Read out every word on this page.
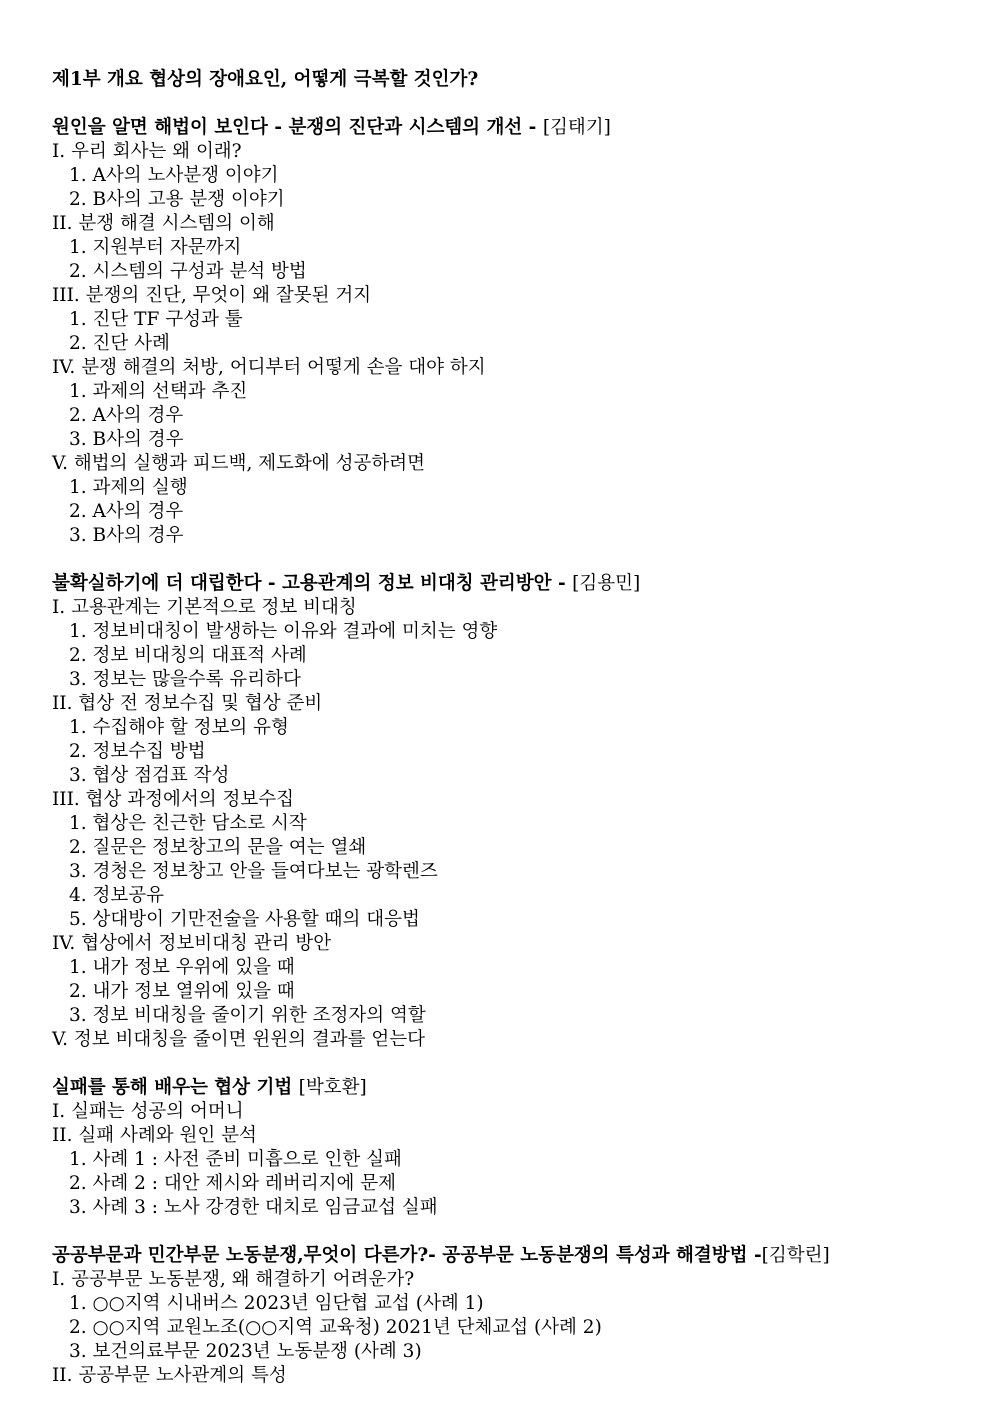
제1부 개요 협상의 장애요인, 어떻게 극복할 것인가?
원인을 알면 해법이 보인다 - 분쟁의 진단과 시스템의 개선 - [김태기]
I. 우리 회사는 왜 이래?
1. A사의 노사분쟁 이야기
2. B사의 고용 분쟁 이야기
II. 분쟁 해결 시스템의 이해
1. 지원부터 자문까지
2. 시스템의 구성과 분석 방법
III. 분쟁의 진단, 무엇이 왜 잘못된 거지
1. 진단 TF 구성과 툴
2. 진단 사례
IV. 분쟁 해결의 처방, 어디부터 어떻게 손을 대야 하지
1. 과제의 선택과 추진
2. A사의 경우
3. B사의 경우
V. 해법의 실행과 피드백, 제도화에 성공하려면
1. 과제의 실행
2. A사의 경우
3. B사의 경우
불확실하기에 더 대립한다 - 고용관계의 정보 비대칭 관리방안 - [김용민]
I. 고용관계는 기본적으로 정보 비대칭
1. 정보비대칭이 발생하는 이유와 결과에 미치는 영향
2. 정보 비대칭의 대표적 사례
3. 정보는 많을수록 유리하다
II. 협상 전 정보수집 및 협상 준비
1. 수집해야 할 정보의 유형
2. 정보수집 방법
3. 협상 점검표 작성
III. 협상 과정에서의 정보수집
1. 협상은 친근한 담소로 시작
2. 질문은 정보창고의 문을 여는 열쇄
3. 경청은 정보창고 안을 들여다보는 광학렌즈
4. 정보공유
5. 상대방이 기만전술을 사용할 때의 대응법
IV. 협상에서 정보비대칭 관리 방안
1. 내가 정보 우위에 있을 때
2. 내가 정보 열위에 있을 때
3. 정보 비대칭을 줄이기 위한 조정자의 역할
V. 정보 비대칭을 줄이면 윈윈의 결과를 얻는다
실패를 통해 배우는 협상 기법 [박호환]
I. 실패는 성공의 어머니
II. 실패 사례와 원인 분석
1. 사례 1 : 사전 준비 미흡으로 인한 실패
2. 사례 2 : 대안 제시와 레버리지에 문제
3. 사례 3 : 노사 강경한 대치로 임금교섭 실패
공공부문과 민간부문 노동분쟁,무엇이 다른가?- 공공부문 노동분쟁의 특성과 해결방법 -[김학린]
I. 공공부문 노동분쟁, 왜 해결하기 어려운가?
1. ○○지역 시내버스 2023년 임단협 교섭 (사례 1)
2. ○○지역 교원노조(○○지역 교육청) 2021년 단체교섭 (사례 2)
3. 보건의료부문 2023년 노동분쟁 (사례 3)
II. 공공부문 노사관계의 특성
